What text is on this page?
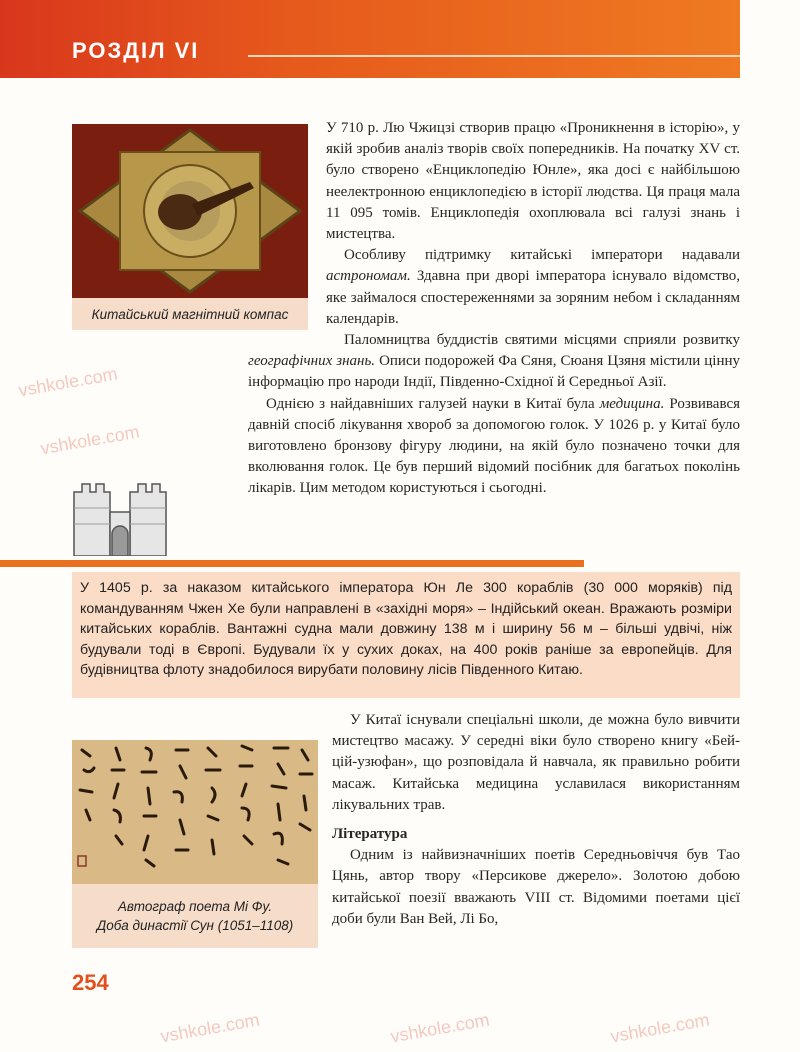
РОЗДІЛ VI
Китайський магнітний компас

У 710 р. Лю Чжицзі створив працю «Проникнення в історію», у якій зробив аналіз творів своїх попередників. На початку XV ст. було створено «Енциклопедію Юнле», яка досі є найбільшою неелектронною енциклопедією в історії людства. Ця праця мала 11 095 томів. Енциклопедія охоплювала всі галузі знань і мистецтва.

Особливу підтримку китайські імператори надавали астрономам. Здавна при дворі імператора існувало відомство, яке займалося спостереженнями за зоряним небом і складанням календарів.

Паломництва буддистів святими місцями сприяли розвитку географічних знань. Описи подорожей Фа Сяня, Сюаня Цзяня містили цінну інформацію про народи Індії, Південно-Східної й Середньої Азії.

Однією з найдавніших галузей науки в Китаї була медицина. Розвивався давній спосіб лікування хвороб за допомогою голок. У 1026 р. у Китаї було виготовлено бронзову фігуру людини, на якій було позначено точки для вколювання голок. Це був перший відомий посібник для багатьох поколінь лікарів. Цим методом користуються і сьогодні.

У 1405 р. за наказом китайського імператора Юн Ле 300 кораблів (30 000 моряків) під командуванням Чжен Хе були направлені в «західні моря» – Індійський океан. Вражають розміри китайських кораблів. Вантажні судна мали довжину 138 м і ширину 56 м – більші удвічі, ніж будували тоді в Європі. Будували їх у сухих доках, на 400 років раніше за европейців. Для будівництва флоту знадобилося вирубати половину лісів Південного Китаю.
Автограф поета Мі Фу.
Доба династії Сун (1051–1108)
254

У Китаї існували спеціальні школи, де можна було вивчити мистецтво масажу. У середні віки було створено книгу «Бей-цій-узюфан», що розповідала й навчала, як правильно робити масаж. Китайська медицина уславилася використанням лікувальних трав.

Література

Одним із найвизначніших поетів Середньовіччя був Тао Цянь, автор твору «Персикове джерело». Золотою добою китайської поезії вважають VIII ст. Відомими поетами цієї доби були Ван Вей, Лі Бо,

vshkole.com
vshkole.com
vshkole.com	vshkole.com	vshkole.com
